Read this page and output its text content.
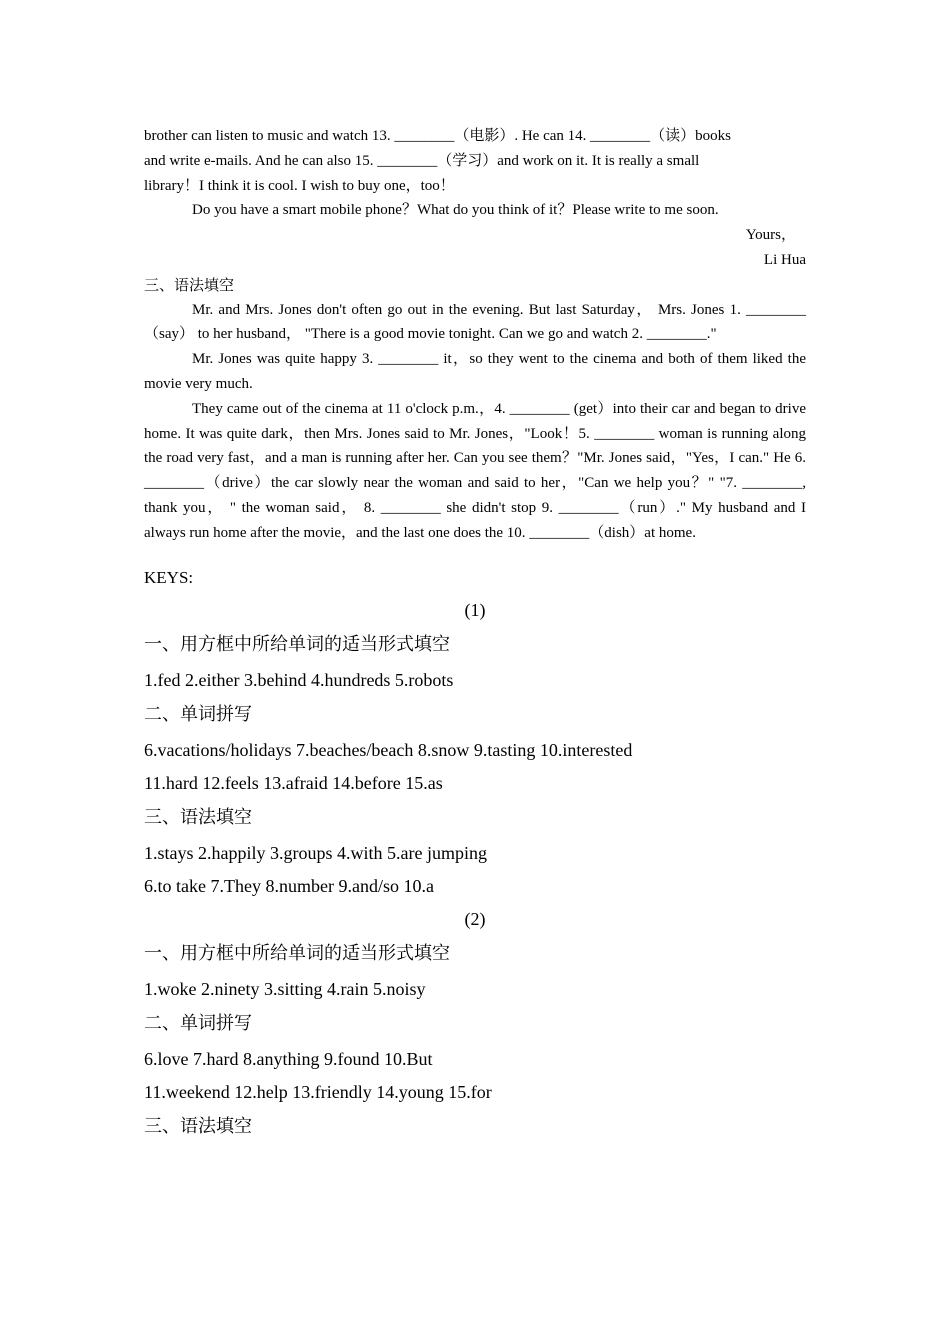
brother can listen to music and watch 13. ________（电影）. He can 14. ________（读）books

and write e-mails. And he can also 15. ________（学习）and work on it. It is really a small

library！I think it is cool. I wish to buy one，too！

Do you have a smart mobile phone？What do you think of it？Please write to me soon.

Yours，

Li Hua

三、语法填空

Mr. and Mrs. Jones don't often go out in the evening. But last Saturday， Mrs. Jones 1. ________（say） to her husband， "There is a good movie tonight. Can we go and watch 2. ________."

Mr. Jones was quite happy 3. ________ it，so they went to the cinema and both of them liked the movie very much.

They came out of the cinema at 11 o'clock p.m.，4. ________ (get）into their car and began to drive home. It was quite dark，then Mrs. Jones said to Mr. Jones，"Look！5. ________ woman is running along the road very fast，and a man is running after her. Can you see them？"Mr. Jones said，"Yes，I can." He 6. ________（drive）the car slowly near the woman and said to her，"Can we help you？" "7. ________, thank you， " the woman said， 8. ________ she didn't stop 9. ________（run）." My husband and I always run home after the movie，and the last one does the 10. ________（dish）at home.

KEYS:

(1)

一、用方框中所给单词的适当形式填空

1.fed 2.either 3.behind 4.hundreds 5.robots

二、单词拼写

6.vacations/holidays 7.beaches/beach 8.snow 9.tasting 10.interested

11.hard 12.feels 13.afraid 14.before 15.as

三、语法填空

1.stays 2.happily 3.groups 4.with 5.are jumping

6.to take 7.They 8.number 9.and/so 10.a

(2)

一、用方框中所给单词的适当形式填空

1.woke 2.ninety 3.sitting 4.rain 5.noisy

二、单词拼写

6.love 7.hard 8.anything 9.found 10.But

11.weekend 12.help 13.friendly 14.young 15.for

三、语法填空
